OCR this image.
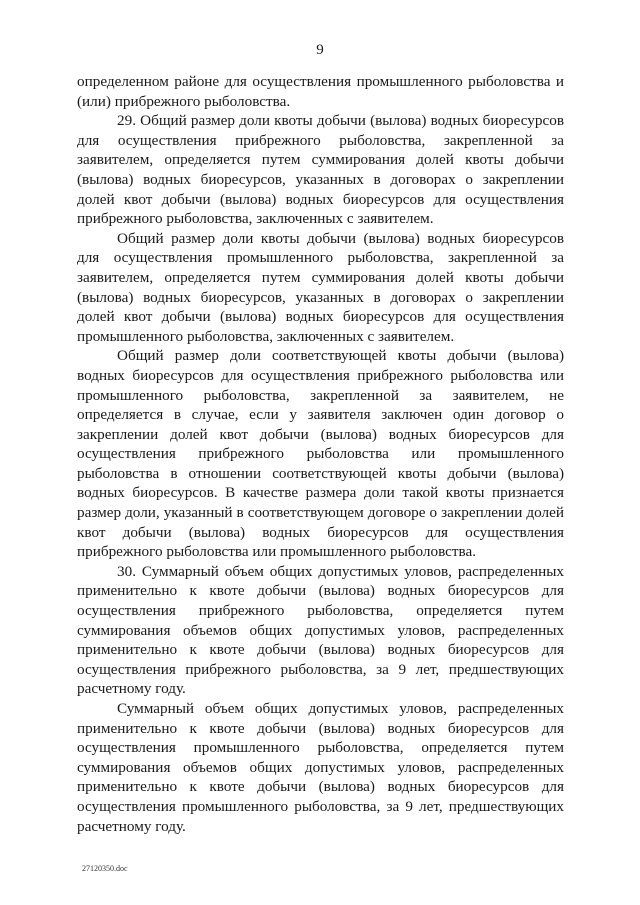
9

определенном районе для осуществления промышленного рыболовства и (или) прибрежного рыболовства.

29. Общий размер доли квоты добычи (вылова) водных биоресурсов для осуществления прибрежного рыболовства, закрепленной за заявителем, определяется путем суммирования долей квоты добычи (вылова) водных биоресурсов, указанных в договорах о закреплении долей квот добычи (вылова) водных биоресурсов для осуществления прибрежного рыболовства, заключенных с заявителем.

Общий размер доли квоты добычи (вылова) водных биоресурсов для осуществления промышленного рыболовства, закрепленной за заявителем, определяется путем суммирования долей квоты добычи (вылова) водных биоресурсов, указанных в договорах о закреплении долей квот добычи (вылова) водных биоресурсов для осуществления промышленного рыболовства, заключенных с заявителем.

Общий размер доли соответствующей квоты добычи (вылова) водных биоресурсов для осуществления прибрежного рыболовства или промышленного рыболовства, закрепленной за заявителем, не определяется в случае, если у заявителя заключен один договор о закреплении долей квот добычи (вылова) водных биоресурсов для осуществления прибрежного рыболовства или промышленного рыболовства в отношении соответствующей квоты добычи (вылова) водных биоресурсов. В качестве размера доли такой квоты признается размер доли, указанный в соответствующем договоре о закреплении долей квот добычи (вылова) водных биоресурсов для осуществления прибрежного рыболовства или промышленного рыболовства.

30. Суммарный объем общих допустимых уловов, распределенных применительно к квоте добычи (вылова) водных биоресурсов для осуществления прибрежного рыболовства, определяется путем суммирования объемов общих допустимых уловов, распределенных применительно к квоте добычи (вылова) водных биоресурсов для осуществления прибрежного рыболовства, за 9 лет, предшествующих расчетному году.

Суммарный объем общих допустимых уловов, распределенных применительно к квоте добычи (вылова) водных биоресурсов для осуществления промышленного рыболовства, определяется путем суммирования объемов общих допустимых уловов, распределенных применительно к квоте добычи (вылова) водных биоресурсов для осуществления промышленного рыболовства, за 9 лет, предшествующих расчетному году.

27120350.doc
